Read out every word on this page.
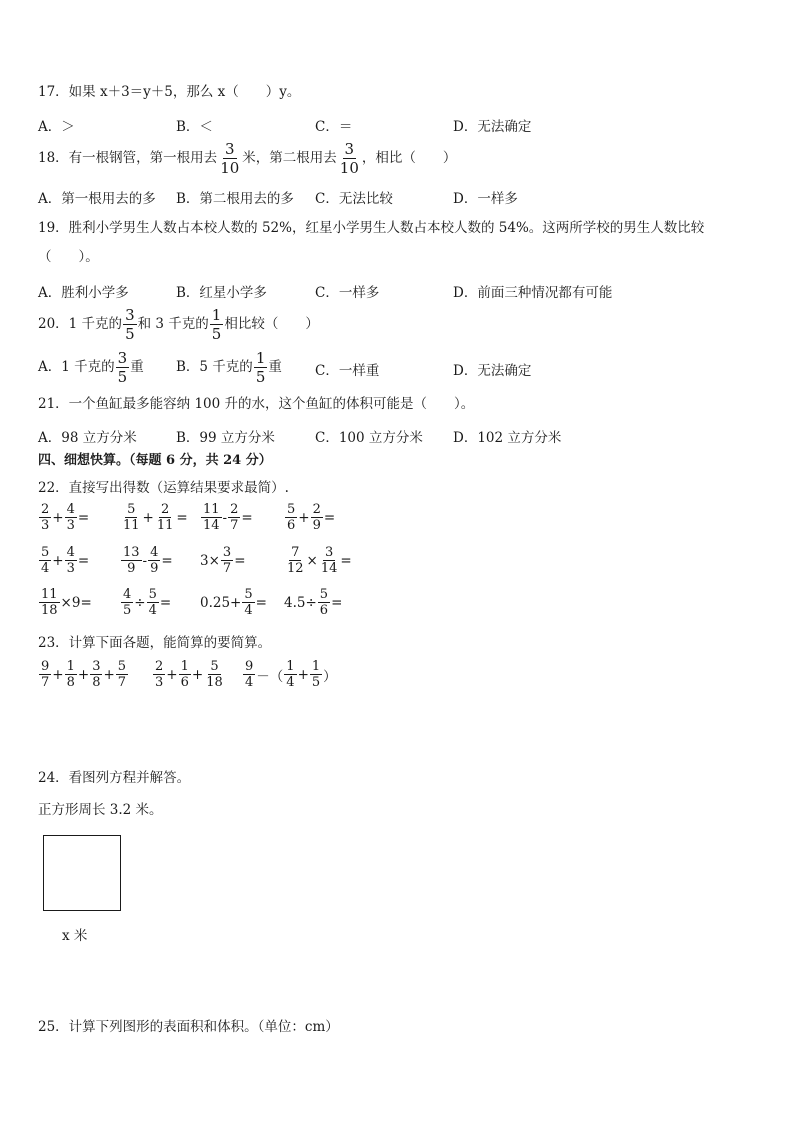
17．如果 x＋3＝y＋5，那么 x（　　）y。
A．＞	B．＜	C．＝	D．无法确定
18．有一根钢管，第一根用去 $\frac{3}{10}$ 米，第二根用去 $\frac{3}{10}$ ，相比（　　）
A．第一根用去的多 B．第二根用去的多 C．无法比较	D．一样多
19．胜利小学男生人数占本校人数的 52%，红星小学男生人数占本校人数的 54%。这两所学校的男生人数比较
（　　）。
A．胜利小学多	B．红星小学多	C．一样多	D．前面三种情况都有可能
20．1 千克的 $\frac{3}{5}$ 和 3 千克的 $\frac{1}{5}$ 相比较（　　）
A．1 千克的 $\frac{3}{5}$ 重 B．5 千克的 $\frac{1}{5}$ 重 C．一样重	D．无法确定
21．一个鱼缸最多能容纳 100 升的水，这个鱼缸的体积可能是（　　）。
A．98 立方分米	B．99 立方分米	C．100 立方分米 D．102 立方分米
四、细想快算。（每题 6 分，共 24 分）
22．直接写出得数（运算结果要求最简）.
$\frac{2}{3} + \frac{4}{3} = \frac{5}{11} + \frac{2}{11} = \frac{11}{14} - \frac{2}{7} = \frac{5}{6} + \frac{2}{9}$ =
$\frac{5}{4} + \frac{4}{3} = \frac{13}{9} - \frac{4}{9} = 3\times \frac{3}{7}$ =	$\frac{7}{12} \times \frac{3}{14}$ =
$\frac{11}{18} \times 9= \frac{4}{5} \div \frac{5}{4} = 0.25+ \frac{5}{4} = 4.5\div \frac{5}{6}$ =
23．计算下面各题，能简算的要简算。
$\frac{9}{7} + \frac{1}{8} + \frac{3}{8} + \frac{5}{7} \frac{2}{3} + \frac{1}{6} + \frac{5}{18} \frac{9}{4}$ －（ $\frac{1}{4} + \frac{1}{5}$ ）
24．看图列方程并解答。
正方形周长 3.2 米。
x 米
25．计算下列图形的表面积和体积。（单位：cm）
